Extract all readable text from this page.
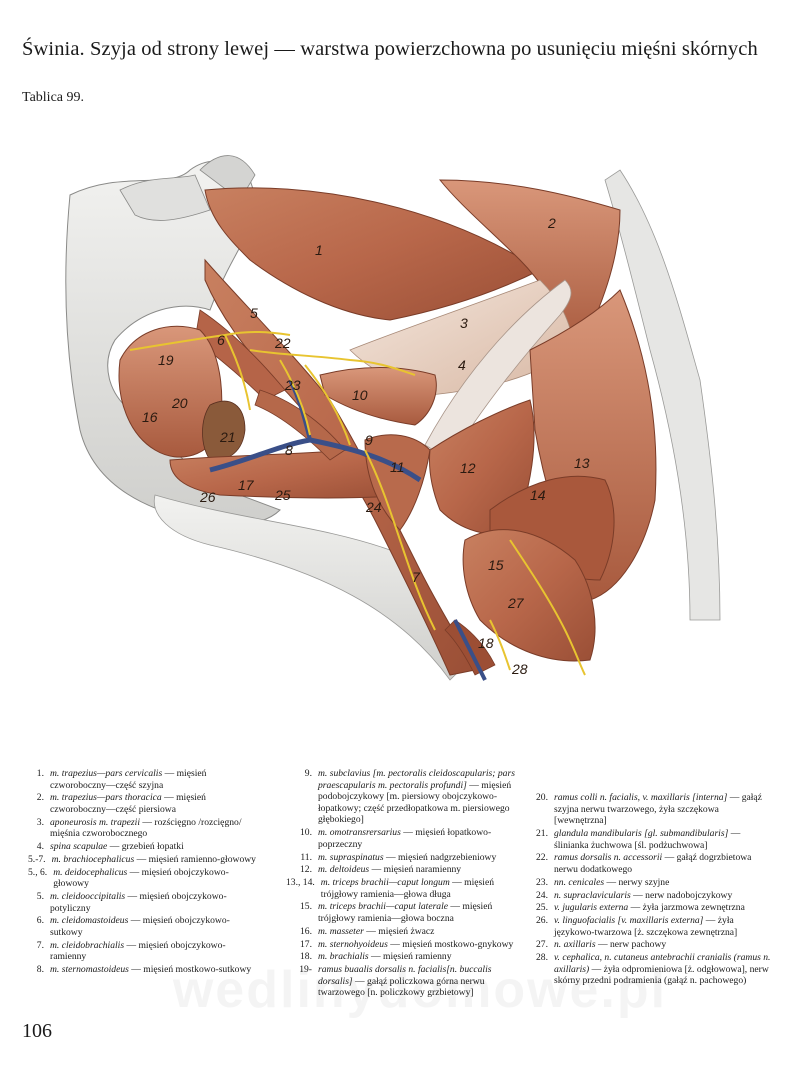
Świnia. Szyja od strony lewej — warstwa powierzchowna po usunięciu mięśni skórnych
Tablica 99.
1
2
3
4
5
6
7
8
9
10
11	12	13
14
15
16
17
18
19
20
21
22
23
24
25
26
27
28
1. m. trapezius—pars cervicalis — mięsień czworoboczny—część szyjna
2. m. trapezius—pars thoracica — mięsień czworoboczny—część piersiowa
3. aponeurosis m. trapezii — rozścięgno /rozcięgno/ mięśnia czworobocznego
4. spina scapulae — grzebień łopatki
5.-7. m. brachiocephalicus — mięsień ramienno-głowowy
5., 6. m. deidocephalicus — mięsień obojczykowo-głowowy
5. m. cleidooccipitalis — mięsień obojczykowo-potyliczny
6. m. cleidomastoideus — mięsień obojczykowo-sutkowy
7. m. cleidobrachialis — mięsień obojczykowo-ramienny
8. m. sternomastoideus — mięsień mostkowo-sutkowy
9. m. subclavius [m. pectoralis cleidoscapularis; pars praescapularis m. pectoralis profundi] — mięsień podobojczykowy [m. piersiowy obojczykowo-łopatkowy; część przedłopatkowa m. piersiowego głębokiego]
10. m. omotransrersarius — mięsień łopatkowo-poprzeczny
11. m. supraspinatus — mięsień nadgrzebieniowy
12. m. deltoideus — mięsień naramienny
13., 14. m. triceps brachii—caput longum — mięsień trójgłowy ramienia—głowa długa
15. m. triceps brachii—caput laterale — mięsień trójgłowy ramienia—głowa boczna
16. m. masseter — mięsień żwacz
17. m. sternohyoideus — mięsień mostkowo-gnykowy
18. m. brachialis — mięsień ramienny
19- ramus buaalis dorsalis n. facialis[n. buccalis dorsalis] — gałąź policzkowa górna nerwu twarzowego [n. policzkowy grzbietowy]
20. ramus colli n. facialis, v. maxillaris [interna] — gałąź szyjna nerwu twarzowego, żyła szczękowa [wewnętrzna]
21. glandula mandibularis [gl. submandibularis] — ślinianka żuchwowa [śl. podżuchwowa]
22. ramus dorsalis n. accessorii — gałąź dogrzbietowa nerwu dodatkowego
23. nn. cenicales — nerwy szyjne
24. n. supraclavicularis — nerw nadobojczykowy
25. v. jugularis externa — żyła jarzmowa zewnętrzna
26. v. linguofacialis [v. maxillaris externa] — żyła językowo-twarzowa [ż. szczękowa zewnętrzna]
27. n. axillaris — nerw pachowy
28. v. cephalica, n. cutaneus antebrachii cranialis (ramus n. axillaris) — żyła odpromieniowa [ż. odgłowowa], nerw skórny przedni podramienia (gałąź n. pachowego)
106
